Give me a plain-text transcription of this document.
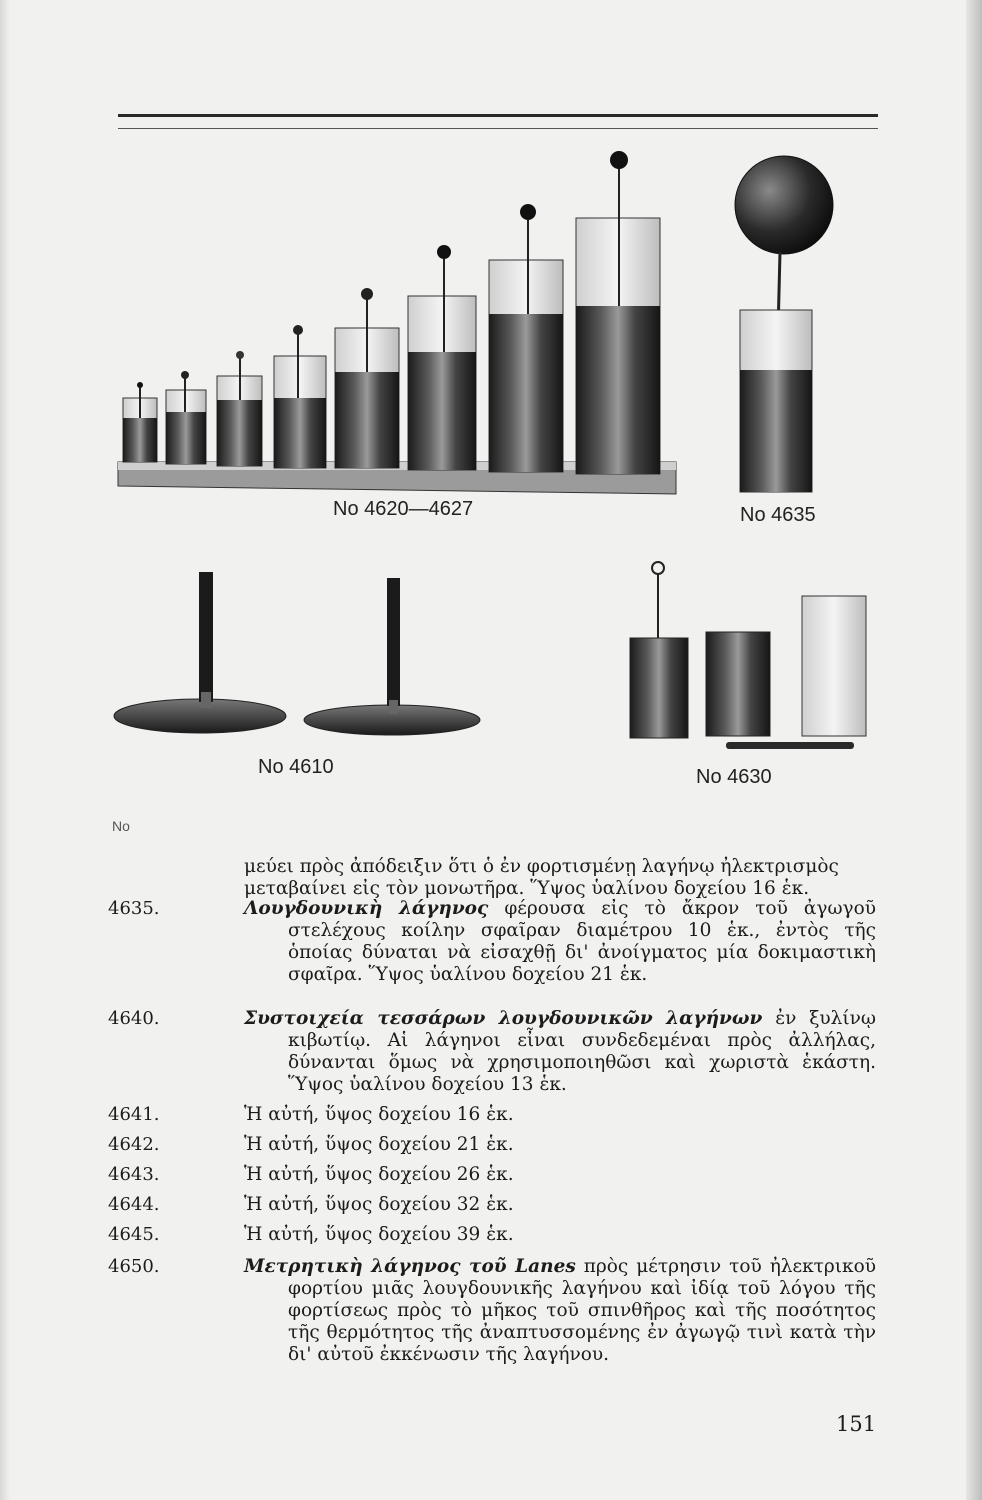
No 4620—4627	No 4635
No 4610	No 4630
No
μεύει πρὸς ἀπόδειξιν ὅτι ὁ ἐν φορτισμένῃ λαγήνῳ ἠλεκτρισμὸς
μεταβαίνει εἰς τὸν μονωτῆρα. Ὕψος ὑαλίνου δοχείου 16 ἑκ.
4635.	Λουγδουνικὴ λάγηνος φέρουσα εἰς τὸ ἄκρον τοῦ ἀγωγοῦ στελέχους κοίλην σφαῖραν διαμέτρου 10 ἑκ., ἐντὸς τῆς ὁποίας δύναται νὰ εἰσαχθῇ δι' ἀνοίγματος μία δοκιμαστικὴ σφαῖρα. Ὕψος ὑαλίνου δοχείου 21 ἑκ.
4640.	Συστοιχεία τεσσάρων λουγδουνικῶν λαγήνων ἐν ξυλίνῳ κιβωτίῳ. Αἱ λάγηνοι εἶναι συνδεδεμέναι πρὸς ἀλλήλας, δύνανται ὅμως νὰ χρησιμοποιηθῶσι καὶ χωριστὰ ἑκάστη. Ὕψος ὑαλίνου δοχείου 13 ἑκ.
4641.	Ἡ αὐτή, ὕψος δοχείου 16 ἑκ.
4642.	Ἡ αὐτή, ὕψος δοχείου 21 ἑκ.
4643.	Ἡ αὐτή, ὕψος δοχείου 26 ἑκ.
4644.	Ἡ αὐτή, ὕψος δοχείου 32 ἑκ.
4645.	Ἡ αὐτή, ὕψος δοχείου 39 ἑκ.
4650.	Μετρητικὴ λάγηνος τοῦ Lanes πρὸς μέτρησιν τοῦ ἠλεκτρικοῦ φορτίου μιᾶς λουγδουνικῆς λαγήνου καὶ ἰδίᾳ τοῦ λόγου τῆς φορτίσεως πρὸς τὸ μῆκος τοῦ σπινθῆρος καὶ τῆς ποσότητος τῆς θερμότητος τῆς ἀναπτυσσομένης ἐν ἀγωγῷ τινὶ κατὰ τὴν δι' αὐτοῦ ἐκκένωσιν τῆς λαγήνου.
151
